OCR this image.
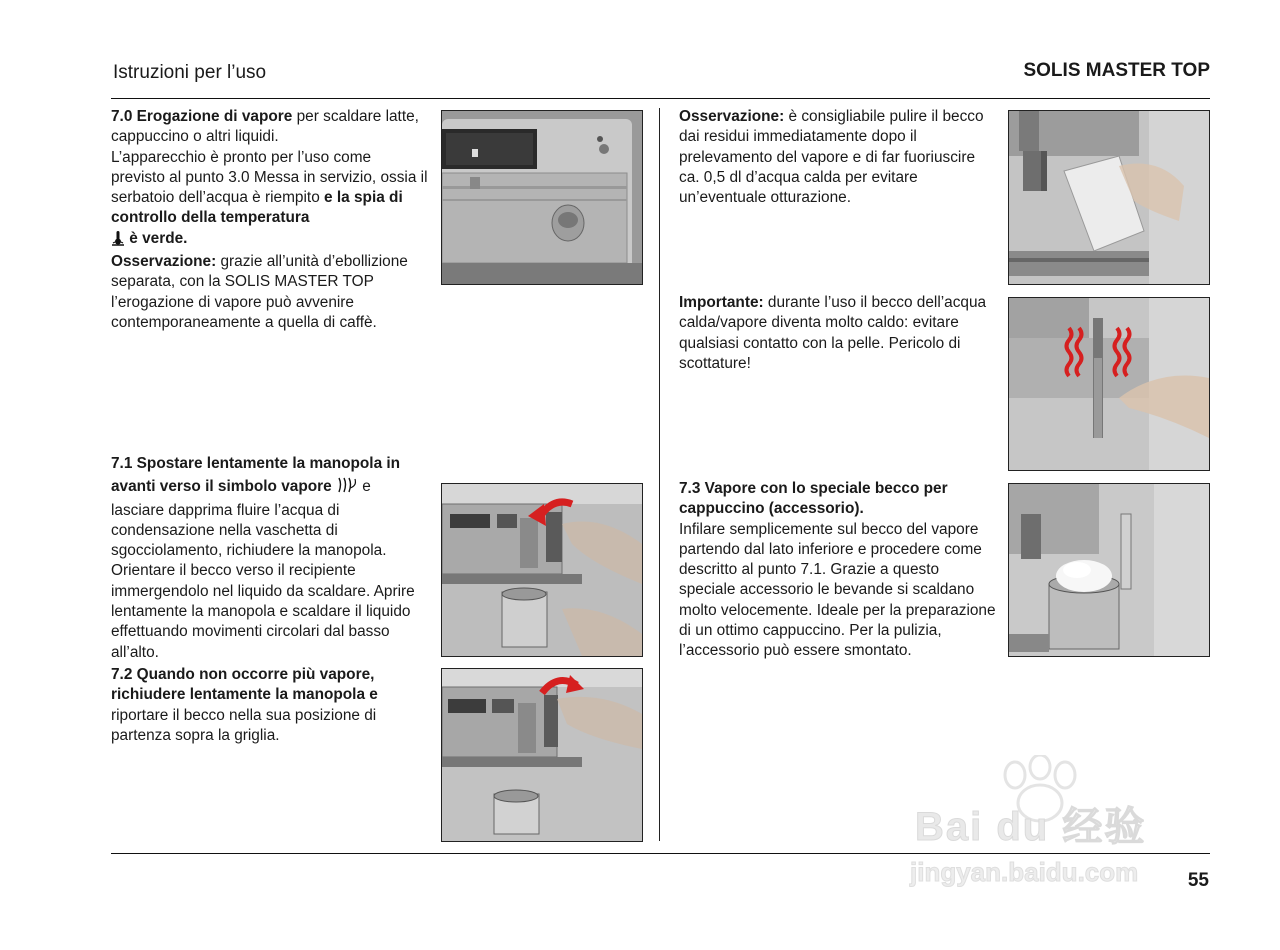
Istruzioni per l’uso	SOLIS MASTER TOP
55
7.0 Erogazione di vapore per scaldare latte, cappuccino o altri liquidi.
L’apparecchio è pronto per l’uso come previsto al punto 3.0 Messa in servizio, ossia il serbatoio dell’acqua è riempito e la spia di controllo della temperatura
è verde.
Osservazione: grazie all’unità d’ebollizione separata, con la SOLIS MASTER TOP l’erogazione di vapore può avvenire contemporaneamente a quella di caffè.
7.1 Spostare lentamente la manopola in avanti verso il simbolo vapore  e
lasciare dapprima fluire l’acqua di condensazione nella vaschetta di sgocciolamento, richiudere la manopola. Orientare il becco verso il recipiente immergendolo nel liquido da scaldare. Aprire lentamente la manopola e scaldare il liquido effettuando movimenti circolari dal basso all’alto.
7.2 Quando non occorre più vapore, richiudere lentamente la manopola e riportare il becco nella sua posizione di partenza sopra la griglia.
Osservazione: è consigliabile pulire il becco dai residui immediatamente dopo il prelevamento del vapore e di far fuoriuscire ca. 0,5 dl d’acqua calda per evitare un’eventuale otturazione.
Importante: durante l’uso il becco dell’acqua calda/vapore diventa molto caldo: evitare qualsiasi contatto con la pelle. Pericolo di scottature!
7.3 Vapore con lo speciale becco per cappuccino (accessorio).
Infilare semplicemente sul becco del vapore partendo dal lato inferiore e procedere come descritto al punto 7.1. Grazie a questo speciale accessorio le bevande si scaldano molto velocemente. Ideale per la preparazione di un ottimo cappuccino. Per la pulizia, l’accessorio può essere smontato.
Bai du 经验
jingyan.baidu.com
